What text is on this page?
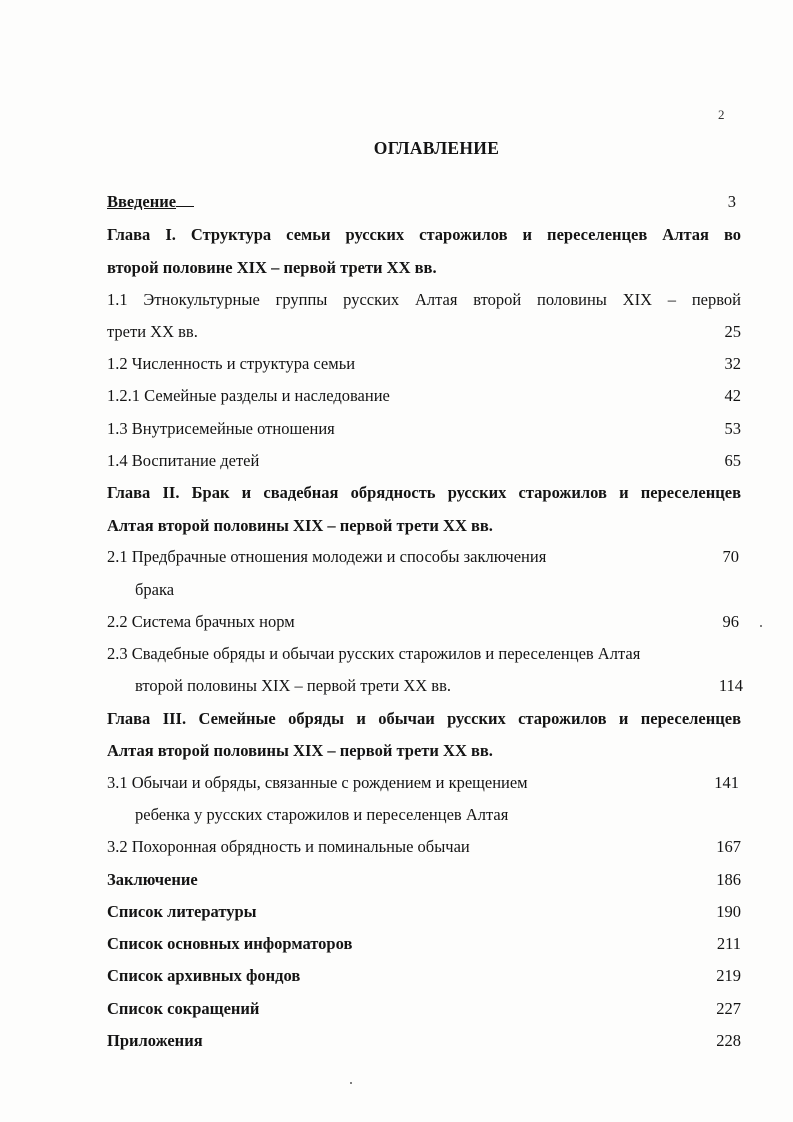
2
ОГЛАВЛЕНИЕ
Введение	3
Глава I. Структура семьи русских старожилов и переселенцев Алтая во
второй половине XIX – первой трети XX вв.
1.1 Этнокультурные группы русских Алтая второй половины XIX – первой
трети XX вв.	25
1.2 Численность и структура семьи	32
1.2.1 Семейные разделы и наследование	42
1.3 Внутрисемейные отношения	53
1.4 Воспитание детей	65
Глава II. Брак и свадебная обрядность русских старожилов и переселенцев
Алтая второй половины XIX – первой трети XX вв.
2.1 Предбрачные отношения молодежи и способы заключения	70
брака
2.2 Система брачных норм	96
2.3 Свадебные обряды и обычаи русских старожилов и переселенцев Алтая
второй половины XIX – первой трети XX вв.	114
Глава III. Семейные обряды и обычаи русских старожилов и переселенцев
Алтая второй половины XIX – первой трети XX вв.
3.1 Обычаи и обряды, связанные с рождением и крещением	141
ребенка у русских старожилов и переселенцев Алтая
3.2 Похоронная обрядность и поминальные обычаи	167
Заключение	186
Список литературы	190
Список основных информаторов	211
Список архивных фондов	219
Список сокращений	227
Приложения	228
